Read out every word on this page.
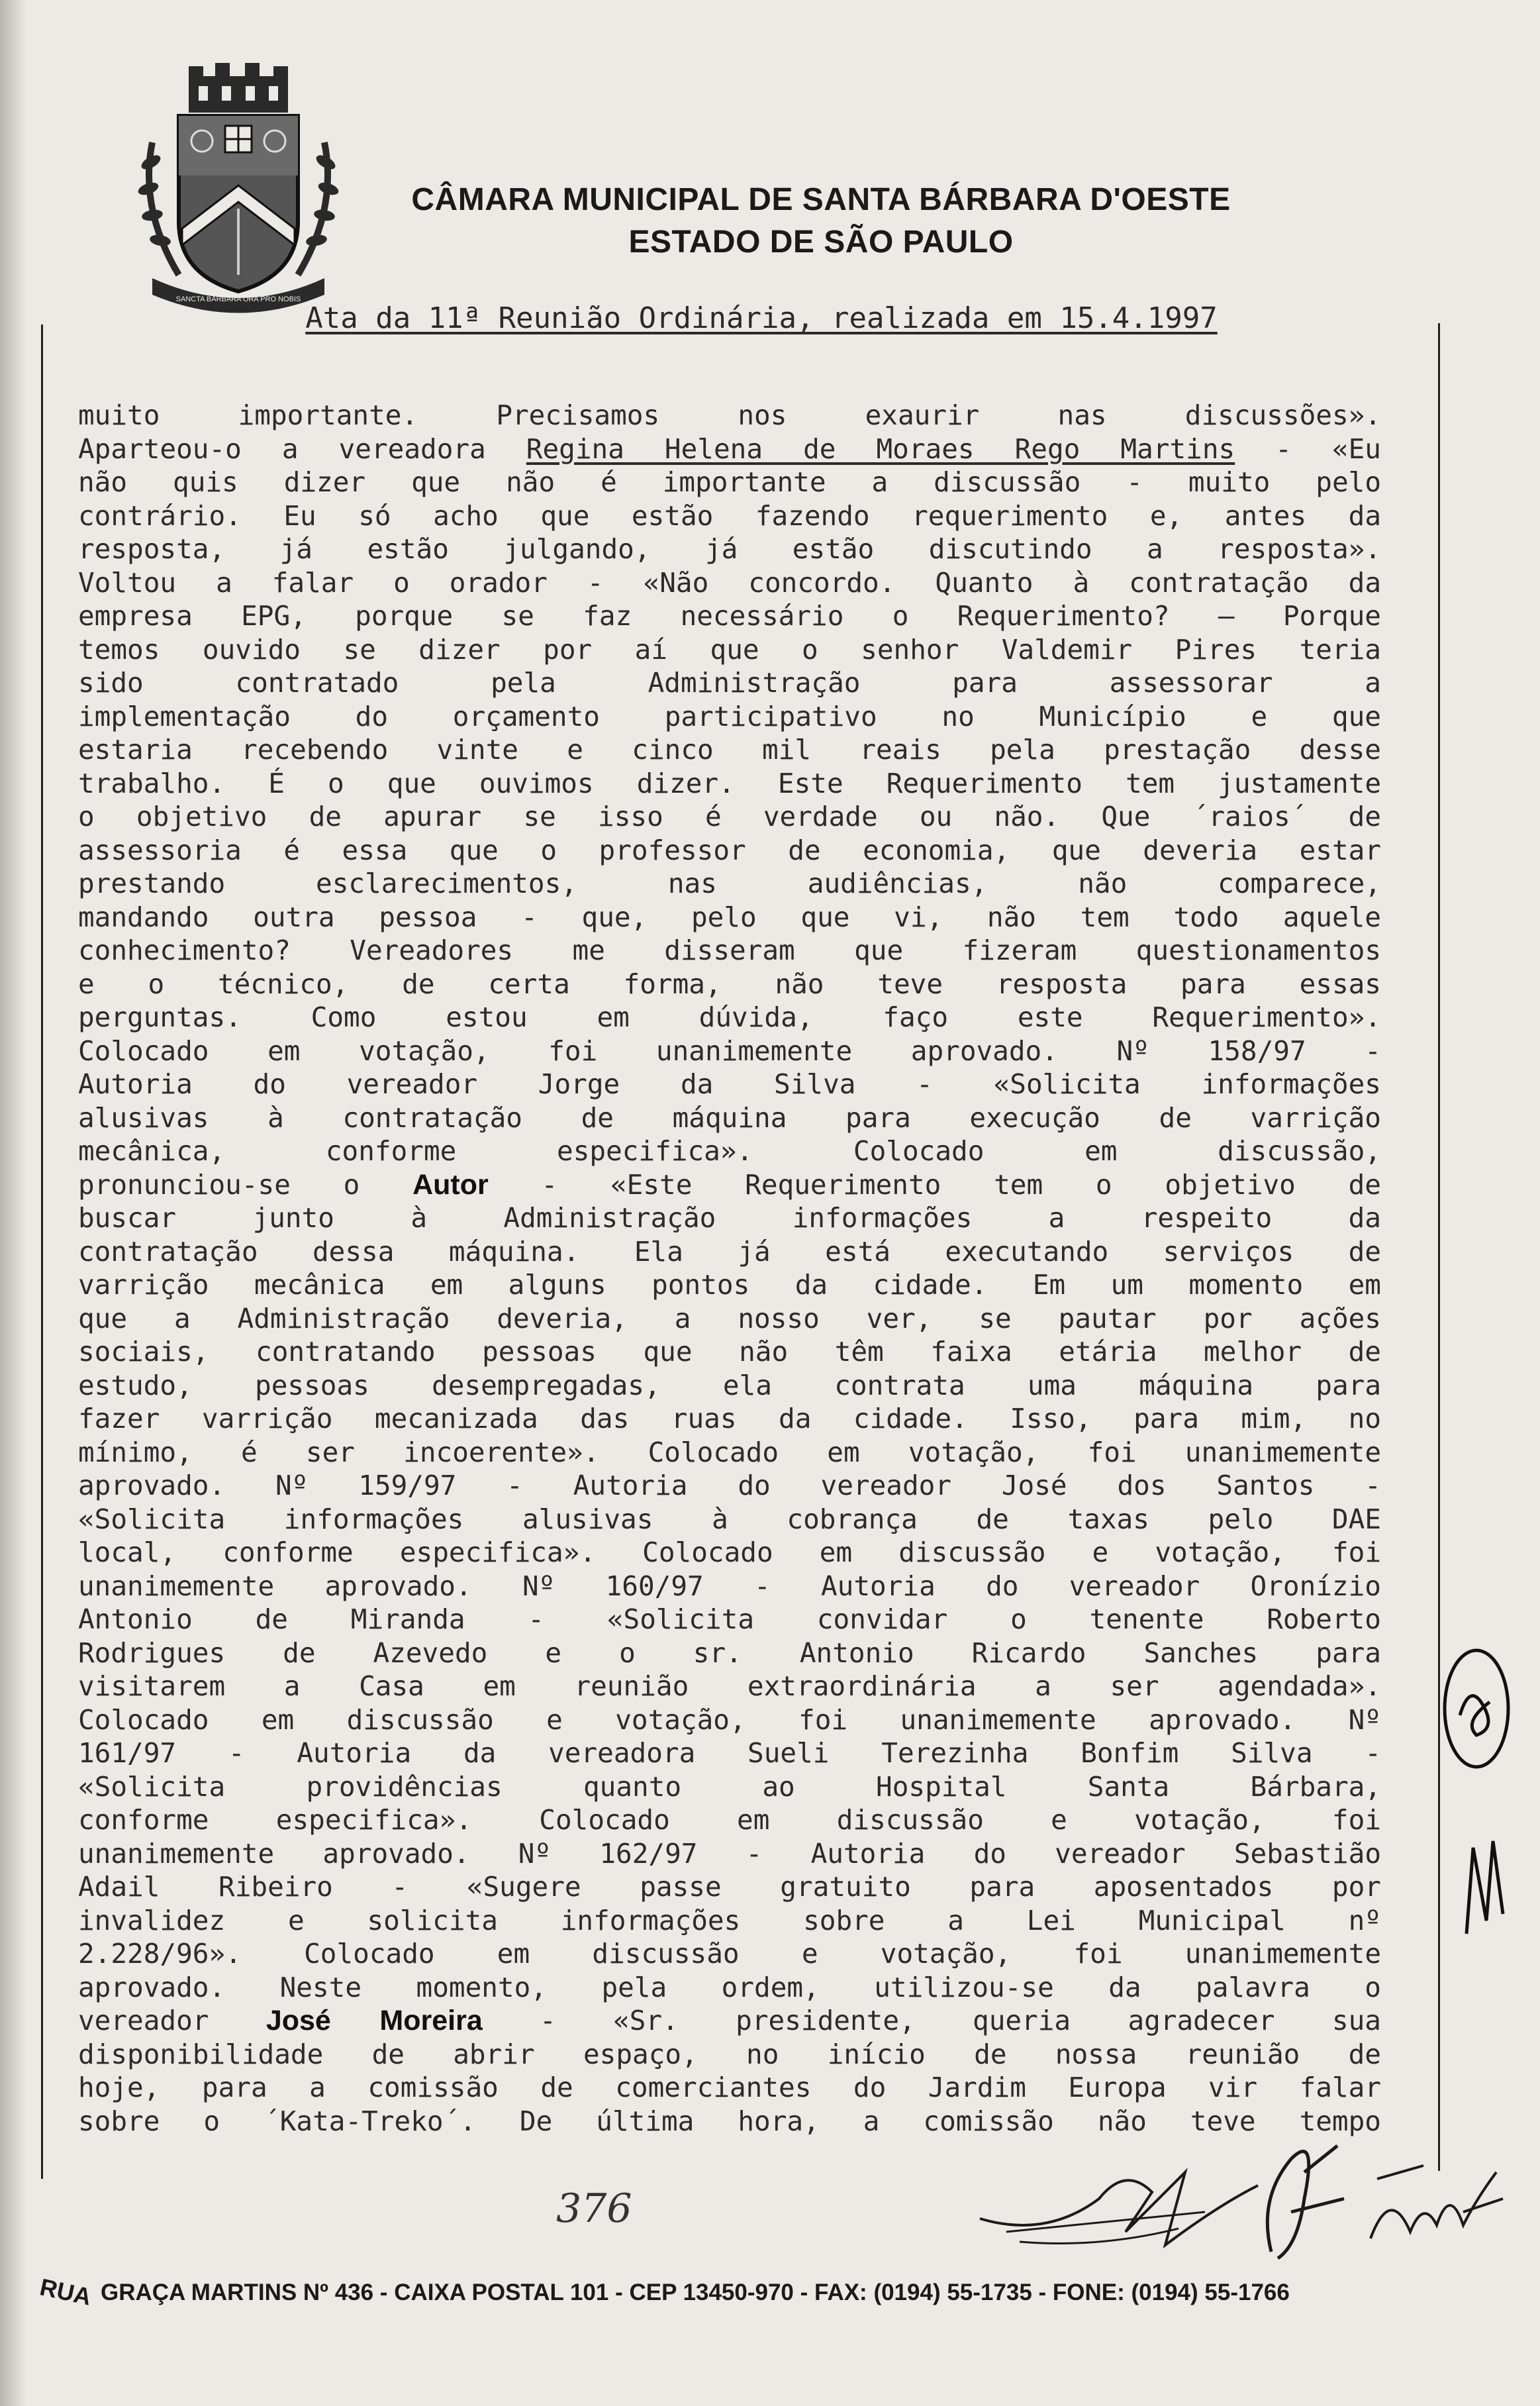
SANCTA BARBARA ORA PRO NOBIS
CÂMARA MUNICIPAL DE SANTA BÁRBARA D'OESTE
ESTADO DE SÃO PAULO
Ata da 11ª Reunião Ordinária, realizada em 15.4.1997
muito importante. Precisamos nos exaurir nas discussões».
Aparteou-o a vereadora Regina Helena de Moraes Rego Martins - «Eu
não quis dizer que não é importante a discussão - muito pelo
contrário. Eu só acho que estão fazendo requerimento e, antes da
resposta, já estão julgando, já estão discutindo a resposta».
Voltou a falar o orador - «Não concordo. Quanto à contratação da
empresa EPG, porque se faz necessário o Requerimento? — Porque
temos ouvido se dizer por aí que o senhor Valdemir Pires teria
sido contratado pela Administração para assessorar a
implementação do orçamento participativo no Município e que
estaria recebendo vinte e cinco mil reais pela prestação desse
trabalho. É o que ouvimos dizer. Este Requerimento tem justamente
o objetivo de apurar se isso é verdade ou não. Que ´raios´ de
assessoria é essa que o professor de economia, que deveria estar
prestando esclarecimentos, nas audiências, não comparece,
mandando outra pessoa - que, pelo que vi, não tem todo aquele
conhecimento? Vereadores me disseram que fizeram questionamentos
e o técnico, de certa forma, não teve resposta para essas
perguntas. Como estou em dúvida, faço este Requerimento».
Colocado em votação, foi unanimemente aprovado. Nº 158/97 -
Autoria do vereador Jorge da Silva - «Solicita informações
alusivas à contratação de máquina para execução de varrição
mecânica, conforme especifica». Colocado em discussão,
pronunciou-se o Autor - «Este Requerimento tem o objetivo de
buscar junto à Administração informações a respeito da
contratação dessa máquina. Ela já está executando serviços de
varrição mecânica em alguns pontos da cidade. Em um momento em
que a Administração deveria, a nosso ver, se pautar por ações
sociais, contratando pessoas que não têm faixa etária melhor de
estudo, pessoas desempregadas, ela contrata uma máquina para
fazer varrição mecanizada das ruas da cidade. Isso, para mim, no
mínimo, é ser incoerente». Colocado em votação, foi unanimemente
aprovado. Nº 159/97 - Autoria do vereador José dos Santos -
«Solicita informações alusivas à cobrança de taxas pelo DAE
local, conforme especifica». Colocado em discussão e votação, foi
unanimemente aprovado. Nº 160/97 - Autoria do vereador Oronízio
Antonio de Miranda - «Solicita convidar o tenente Roberto
Rodrigues de Azevedo e o sr. Antonio Ricardo Sanches para
visitarem a Casa em reunião extraordinária a ser agendada».
Colocado em discussão e votação, foi unanimemente aprovado. Nº
161/97 - Autoria da vereadora Sueli Terezinha Bonfim Silva -
«Solicita providências quanto ao Hospital Santa Bárbara,
conforme especifica». Colocado em discussão e votação, foi
unanimemente aprovado. Nº 162/97 - Autoria do vereador Sebastião
Adail Ribeiro - «Sugere passe gratuito para aposentados por
invalidez e solicita informações sobre a Lei Municipal nº
2.228/96». Colocado em discussão e votação, foi unanimemente
aprovado. Neste momento, pela ordem, utilizou-se da palavra o
vereador José Moreira - «Sr. presidente, queria agradecer sua
disponibilidade de abrir espaço, no início de nossa reunião de
hoje, para a comissão de comerciantes do Jardim Europa vir falar
sobre o ´Kata-Treko´. De última hora, a comissão não teve tempo
376
RUA GRAÇA MARTINS Nº 436 - CAIXA POSTAL 101 - CEP 13450-970 - FAX: (0194) 55-1735 - FONE: (0194) 55-1766
